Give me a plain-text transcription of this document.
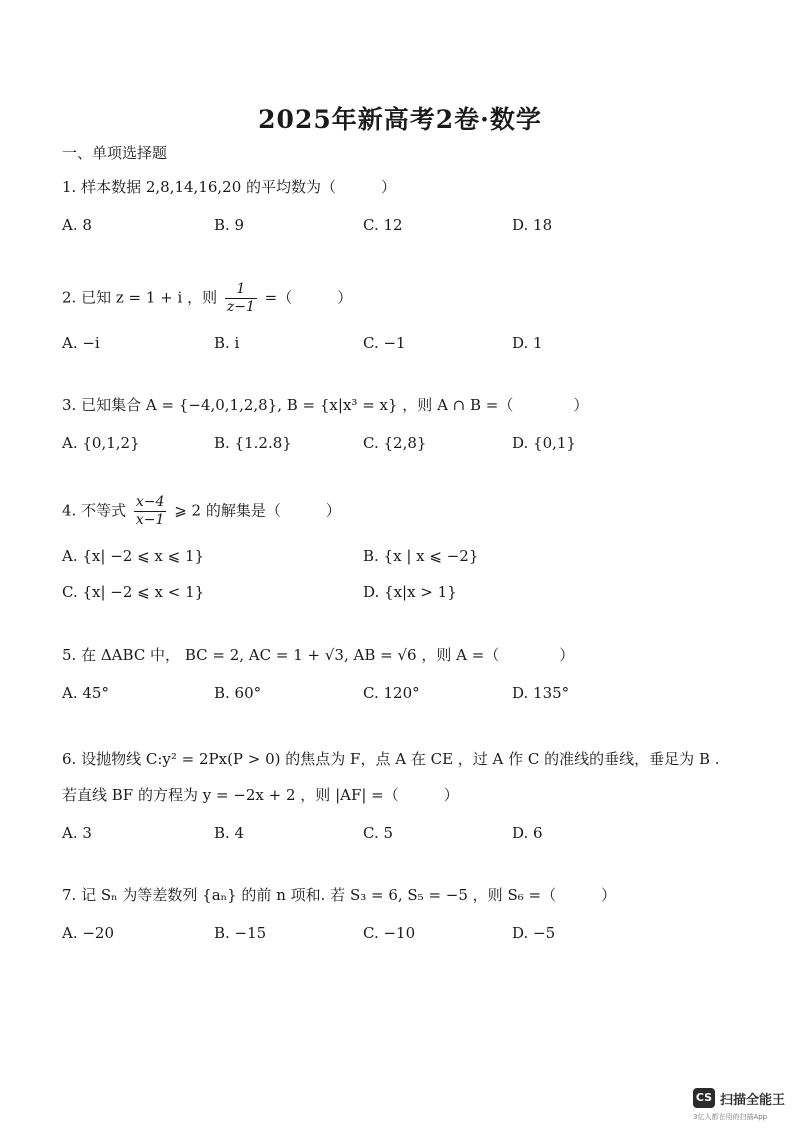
2025年新高考2卷·数学
一、单项选择题
1. 样本数据 2,8,14,16,20 的平均数为（　　　）
A. 8	B. 9	C. 12	D. 18
2. 已知 z = 1 + i ，则 $\frac{1}{z-1}$ =（　　　）
A. −i	B. i	C. −1	D. 1
3. 已知集合 A = {−4,0,1,2,8}, B = {x|x³ = x} ，则 A ∩ B =（　　　　）
A. {0,1,2}	B. {1.2.8}	C. {2,8}	D. {0,1}
4. 不等式 $\frac{x-4}{x-1}$ ⩾ 2 的解集是（　　　）
A. {x| −2 ⩽ x ⩽ 1}	B. {x | x ⩽ −2}
C. {x| −2 ⩽ x < 1}	D. {x|x > 1}
5. 在 ΔABC 中， BC = 2, AC = 1 + √3, AB = √6 ，则 A =（　　　　）
A. 45°	B. 60°	C. 120°	D. 135°
6. 设抛物线 C:y² = 2Px(P > 0) 的焦点为 F，点 A 在 CE ，过 A 作 C 的准线的垂线，垂足为 B .
若直线 BF 的方程为 y = −2x + 2 ，则 |AF| =（　　　）
A. 3	B. 4	C. 5	D. 6
7. 记 Sₙ 为等差数列 {aₙ} 的前 n 项和. 若 S₃ = 6, S₅ = −5 ，则 S₆ =（　　　）
A. −20	B. −15	C. −10	D. −5
CS 扫描全能王
3亿人都在用的扫描App
